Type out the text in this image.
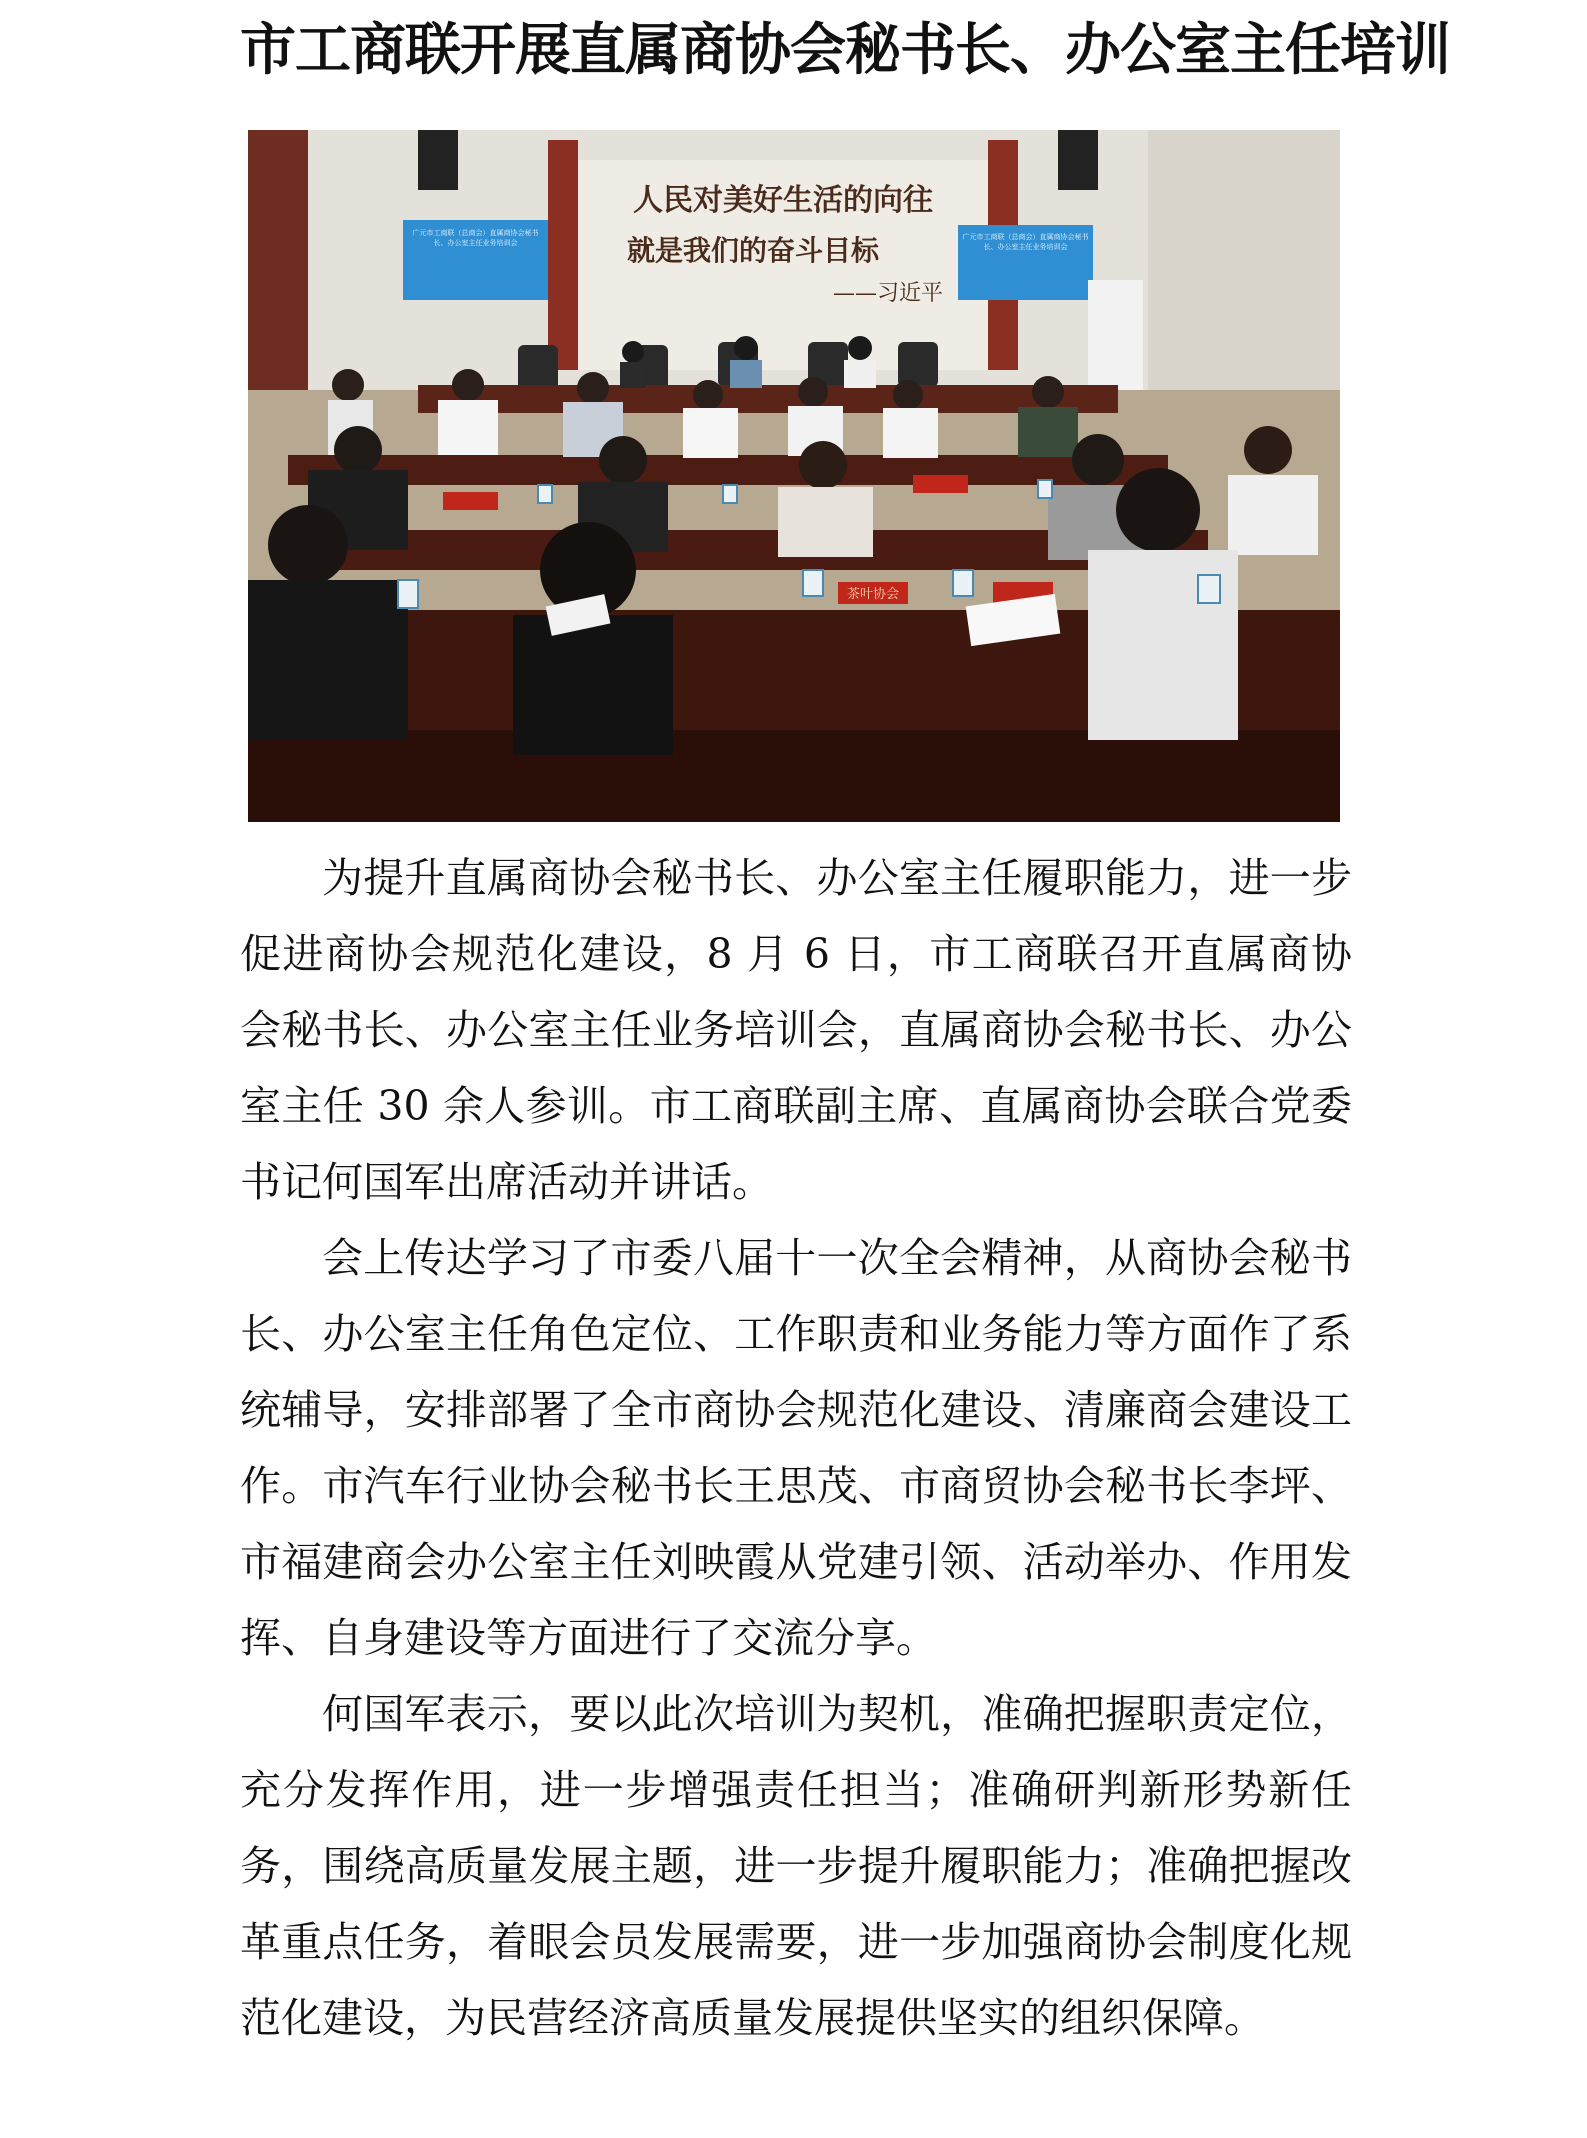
市工商联开展直属商协会秘书长、办公室主任培训
人民对美好生活的向往
就是我们的奋斗目标
——习近平
广元市工商联（总商会）直属商协会秘书长、办公室主任业务培训会
广元市工商联（总商会）直属商协会秘书长、办公室主任业务培训会
茶叶协会

为提升直属商协会秘书长、办公室主任履职能力，进一步促进商协会规范化建设，8 月 6 日，市工商联召开直属商协会秘书长、办公室主任业务培训会，直属商协会秘书长、办公室主任 30 余人参训。市工商联副主席、直属商协会联合党委书记何国军出席活动并讲话。

会上传达学习了市委八届十一次全会精神，从商协会秘书长、办公室主任角色定位、工作职责和业务能力等方面作了系统辅导，安排部署了全市商协会规范化建设、清廉商会建设工作。市汽车行业协会秘书长王思茂、市商贸协会秘书长李坪、市福建商会办公室主任刘映霞从党建引领、活动举办、作用发挥、自身建设等方面进行了交流分享。

何国军表示，要以此次培训为契机，准确把握职责定位，充分发挥作用，进一步增强责任担当；准确研判新形势新任务，围绕高质量发展主题，进一步提升履职能力；准确把握改革重点任务，着眼会员发展需要，进一步加强商协会制度化规范化建设，为民营经济高质量发展提供坚实的组织保障。
